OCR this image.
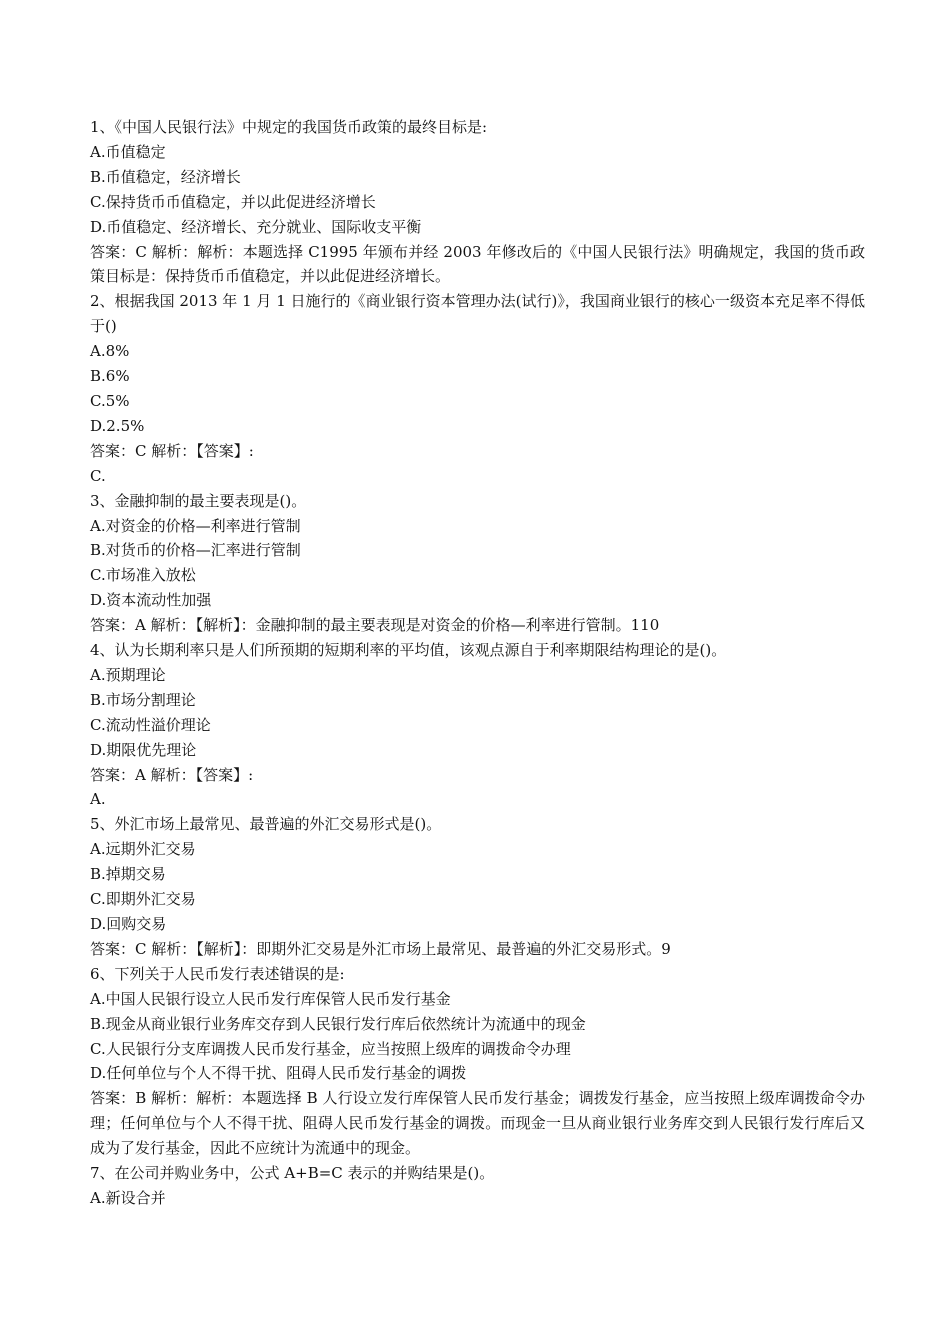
1、《中国人民银行法》中规定的我国货币政策的最终目标是:

A.币值稳定

B.币值稳定，经济增长

C.保持货币币值稳定，并以此促进经济增长

D.币值稳定、经济增长、充分就业、国际收支平衡

答案：C 解析：解析：本题选择 C1995 年颁布并经 2003 年修改后的《中国人民银行法》明确规定，我国的货币政策目标是：保持货币币值稳定，并以此促进经济增长。

2、根据我国 2013 年 1 月 1 日施行的《商业银行资本管理办法(试行)》，我国商业银行的核心一级资本充足率不得低于()

A.8%

B.6%

C.5%

D.2.5%

答案：C 解析：【答案】:

C.

3、金融抑制的最主要表现是()。

A.对资金的价格—利率进行管制

B.对货币的价格—汇率进行管制

C.市场准入放松

D.资本流动性加强

答案：A 解析：【解析】：金融抑制的最主要表现是对资金的价格—利率进行管制。110

4、认为长期利率只是人们所预期的短期利率的平均值，该观点源自于利率期限结构理论的是()。

A.预期理论

B.市场分割理论

C.流动性溢价理论

D.期限优先理论

答案：A 解析：【答案】:

A.

5、外汇市场上最常见、最普遍的外汇交易形式是()。

A.远期外汇交易

B.掉期交易

C.即期外汇交易

D.回购交易

答案：C 解析：【解析】：即期外汇交易是外汇市场上最常见、最普遍的外汇交易形式。9

6、下列关于人民币发行表述错误的是:

A.中国人民银行设立人民币发行库保管人民币发行基金

B.现金从商业银行业务库交存到人民银行发行库后依然统计为流通中的现金

C.人民银行分支库调拨人民币发行基金，应当按照上级库的调拨命令办理

D.任何单位与个人不得干扰、阻碍人民币发行基金的调拨

答案：B 解析：解析：本题选择 B 人行设立发行库保管人民币发行基金；调拨发行基金，应当按照上级库调拨命令办理；任何单位与个人不得干扰、阻碍人民币发行基金的调拨。而现金一旦从商业银行业务库交到人民银行发行库后又成为了发行基金，因此不应统计为流通中的现金。

7、在公司并购业务中，公式 A+B=C 表示的并购结果是()。

A.新设合并
